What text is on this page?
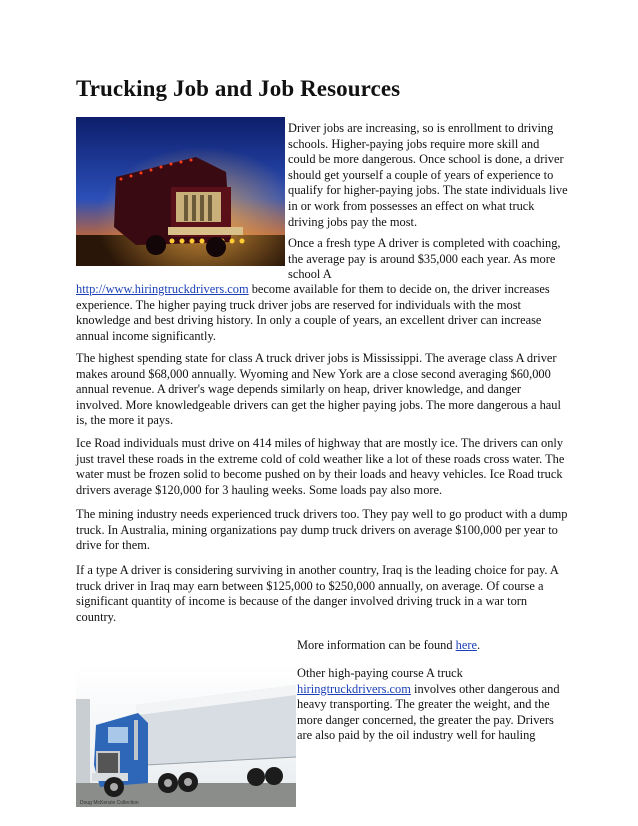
Trucking Job and Job Resources

Driver jobs are increasing, so is enrollment to driving schools. Higher-paying jobs require more skill and could be more dangerous. Once school is done, a driver should get yourself a couple of years of experience to qualify for higher-paying jobs. The state individuals live in or work from possesses an effect on what truck driving jobs pay the most.

Once a fresh type A driver is completed with coaching, the average pay is around $35,000 each year. As more school A

http://www.hiringtruckdrivers.com become available for them to decide on, the driver increases experience. The higher paying truck driver jobs are reserved for individuals with the most knowledge and best driving history. In only a couple of years, an excellent driver can increase annual income significantly.

The highest spending state for class A truck driver jobs is Mississippi. The average class A driver makes around $68,000 annually. Wyoming and New York are a close second averaging $60,000 annual revenue. A driver's wage depends similarly on heap, driver knowledge, and danger involved. More knowledgeable drivers can get the higher paying jobs. The more dangerous a haul is, the more it pays.

Ice Road individuals must drive on 414 miles of highway that are mostly ice. The drivers can only just travel these roads in the extreme cold of cold weather like a lot of these roads cross water. The water must be frozen solid to become pushed on by their loads and heavy vehicles. Ice Road truck drivers average $120,000 for 3 hauling weeks. Some loads pay also more.

The mining industry needs experienced truck drivers too. They pay well to go product with a dump truck. In Australia, mining organizations pay dump truck drivers on average $100,000 per year to drive for them.

If a type A driver is considering surviving in another country, Iraq is the leading choice for pay. A truck driver in Iraq may earn between $125,000 to $250,000 annually, on average. Of course a significant quantity of income is because of the danger involved driving truck in a war torn country.

More information can be found here.
Doug McKenzie Collection

Other high-paying course A truck hiringtruckdrivers.com involves other dangerous and heavy transporting. The greater the weight, and the more danger concerned, the greater the pay. Drivers are also paid by the oil industry well for hauling
